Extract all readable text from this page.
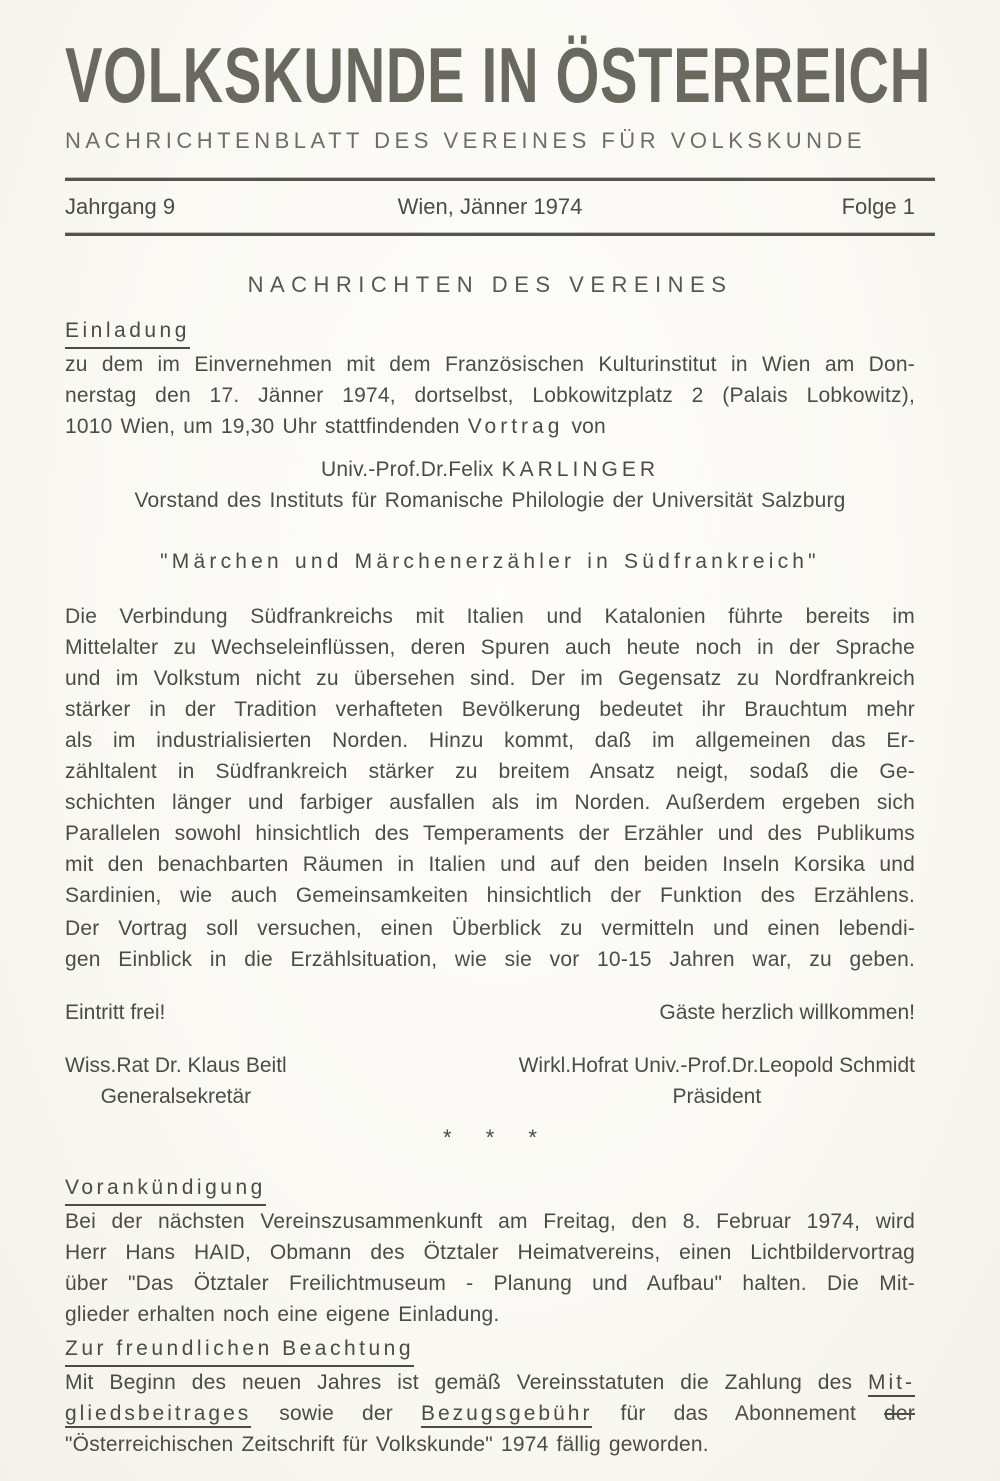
VOLKSKUNDE IN ÖSTERREICH
NACHRICHTENBLATT DES VEREINES FÜR VOLKSKUNDE
Jahrgang 9	Wien, Jänner 1974	Folge 1
NACHRICHTEN DES VEREINES
Einladung
zu dem im Einvernehmen mit dem Französischen Kulturinstitut in Wien am Don-
nerstag den 17. Jänner 1974, dortselbst, Lobkowitzplatz 2 (Palais Lobkowitz),
1010 Wien, um 19,30 Uhr stattfindenden Vortrag von
Univ.-Prof.Dr.Felix KARLINGER
Vorstand des Instituts für Romanische Philologie der Universität Salzburg
"Märchen und Märchenerzähler in Südfrankreich"
Die Verbindung Südfrankreichs mit Italien und Katalonien führte bereits im
Mittelalter zu Wechseleinflüssen, deren Spuren auch heute noch in der Sprache
und im Volkstum nicht zu übersehen sind. Der im Gegensatz zu Nordfrankreich
stärker in der Tradition verhafteten Bevölkerung bedeutet ihr Brauchtum mehr
als im industrialisierten Norden. Hinzu kommt, daß im allgemeinen das Er-
zähltalent in Südfrankreich stärker zu breitem Ansatz neigt, sodaß die Ge-
schichten länger und farbiger ausfallen als im Norden. Außerdem ergeben sich
Parallelen sowohl hinsichtlich des Temperaments der Erzähler und des Publikums
mit den benachbarten Räumen in Italien und auf den beiden Inseln Korsika und
Sardinien, wie auch Gemeinsamkeiten hinsichtlich der Funktion des Erzählens.
Der Vortrag soll versuchen, einen Überblick zu vermitteln und einen lebendi-
gen Einblick in die Erzählsituation, wie sie vor 10-15 Jahren war, zu geben.
Eintritt frei!	Gäste herzlich willkommen!
Wiss.Rat Dr. Klaus Beitl
Generalsekretär
Wirkl.Hofrat Univ.-Prof.Dr.Leopold Schmidt
Präsident
* * *
Vorankündigung
Bei der nächsten Vereinszusammenkunft am Freitag, den 8. Februar 1974, wird
Herr Hans HAID, Obmann des Ötztaler Heimatvereins, einen Lichtbildervortrag
über "Das Ötztaler Freilichtmuseum - Planung und Aufbau" halten. Die Mit-
glieder erhalten noch eine eigene Einladung.
Zur freundlichen Beachtung
Mit Beginn des neuen Jahres ist gemäß Vereinsstatuten die Zahlung des Mit-
gliedsbeitrages sowie der Bezugsgebühr für das Abonnement der
"Österreichischen Zeitschrift für Volkskunde" 1974 fällig geworden.
